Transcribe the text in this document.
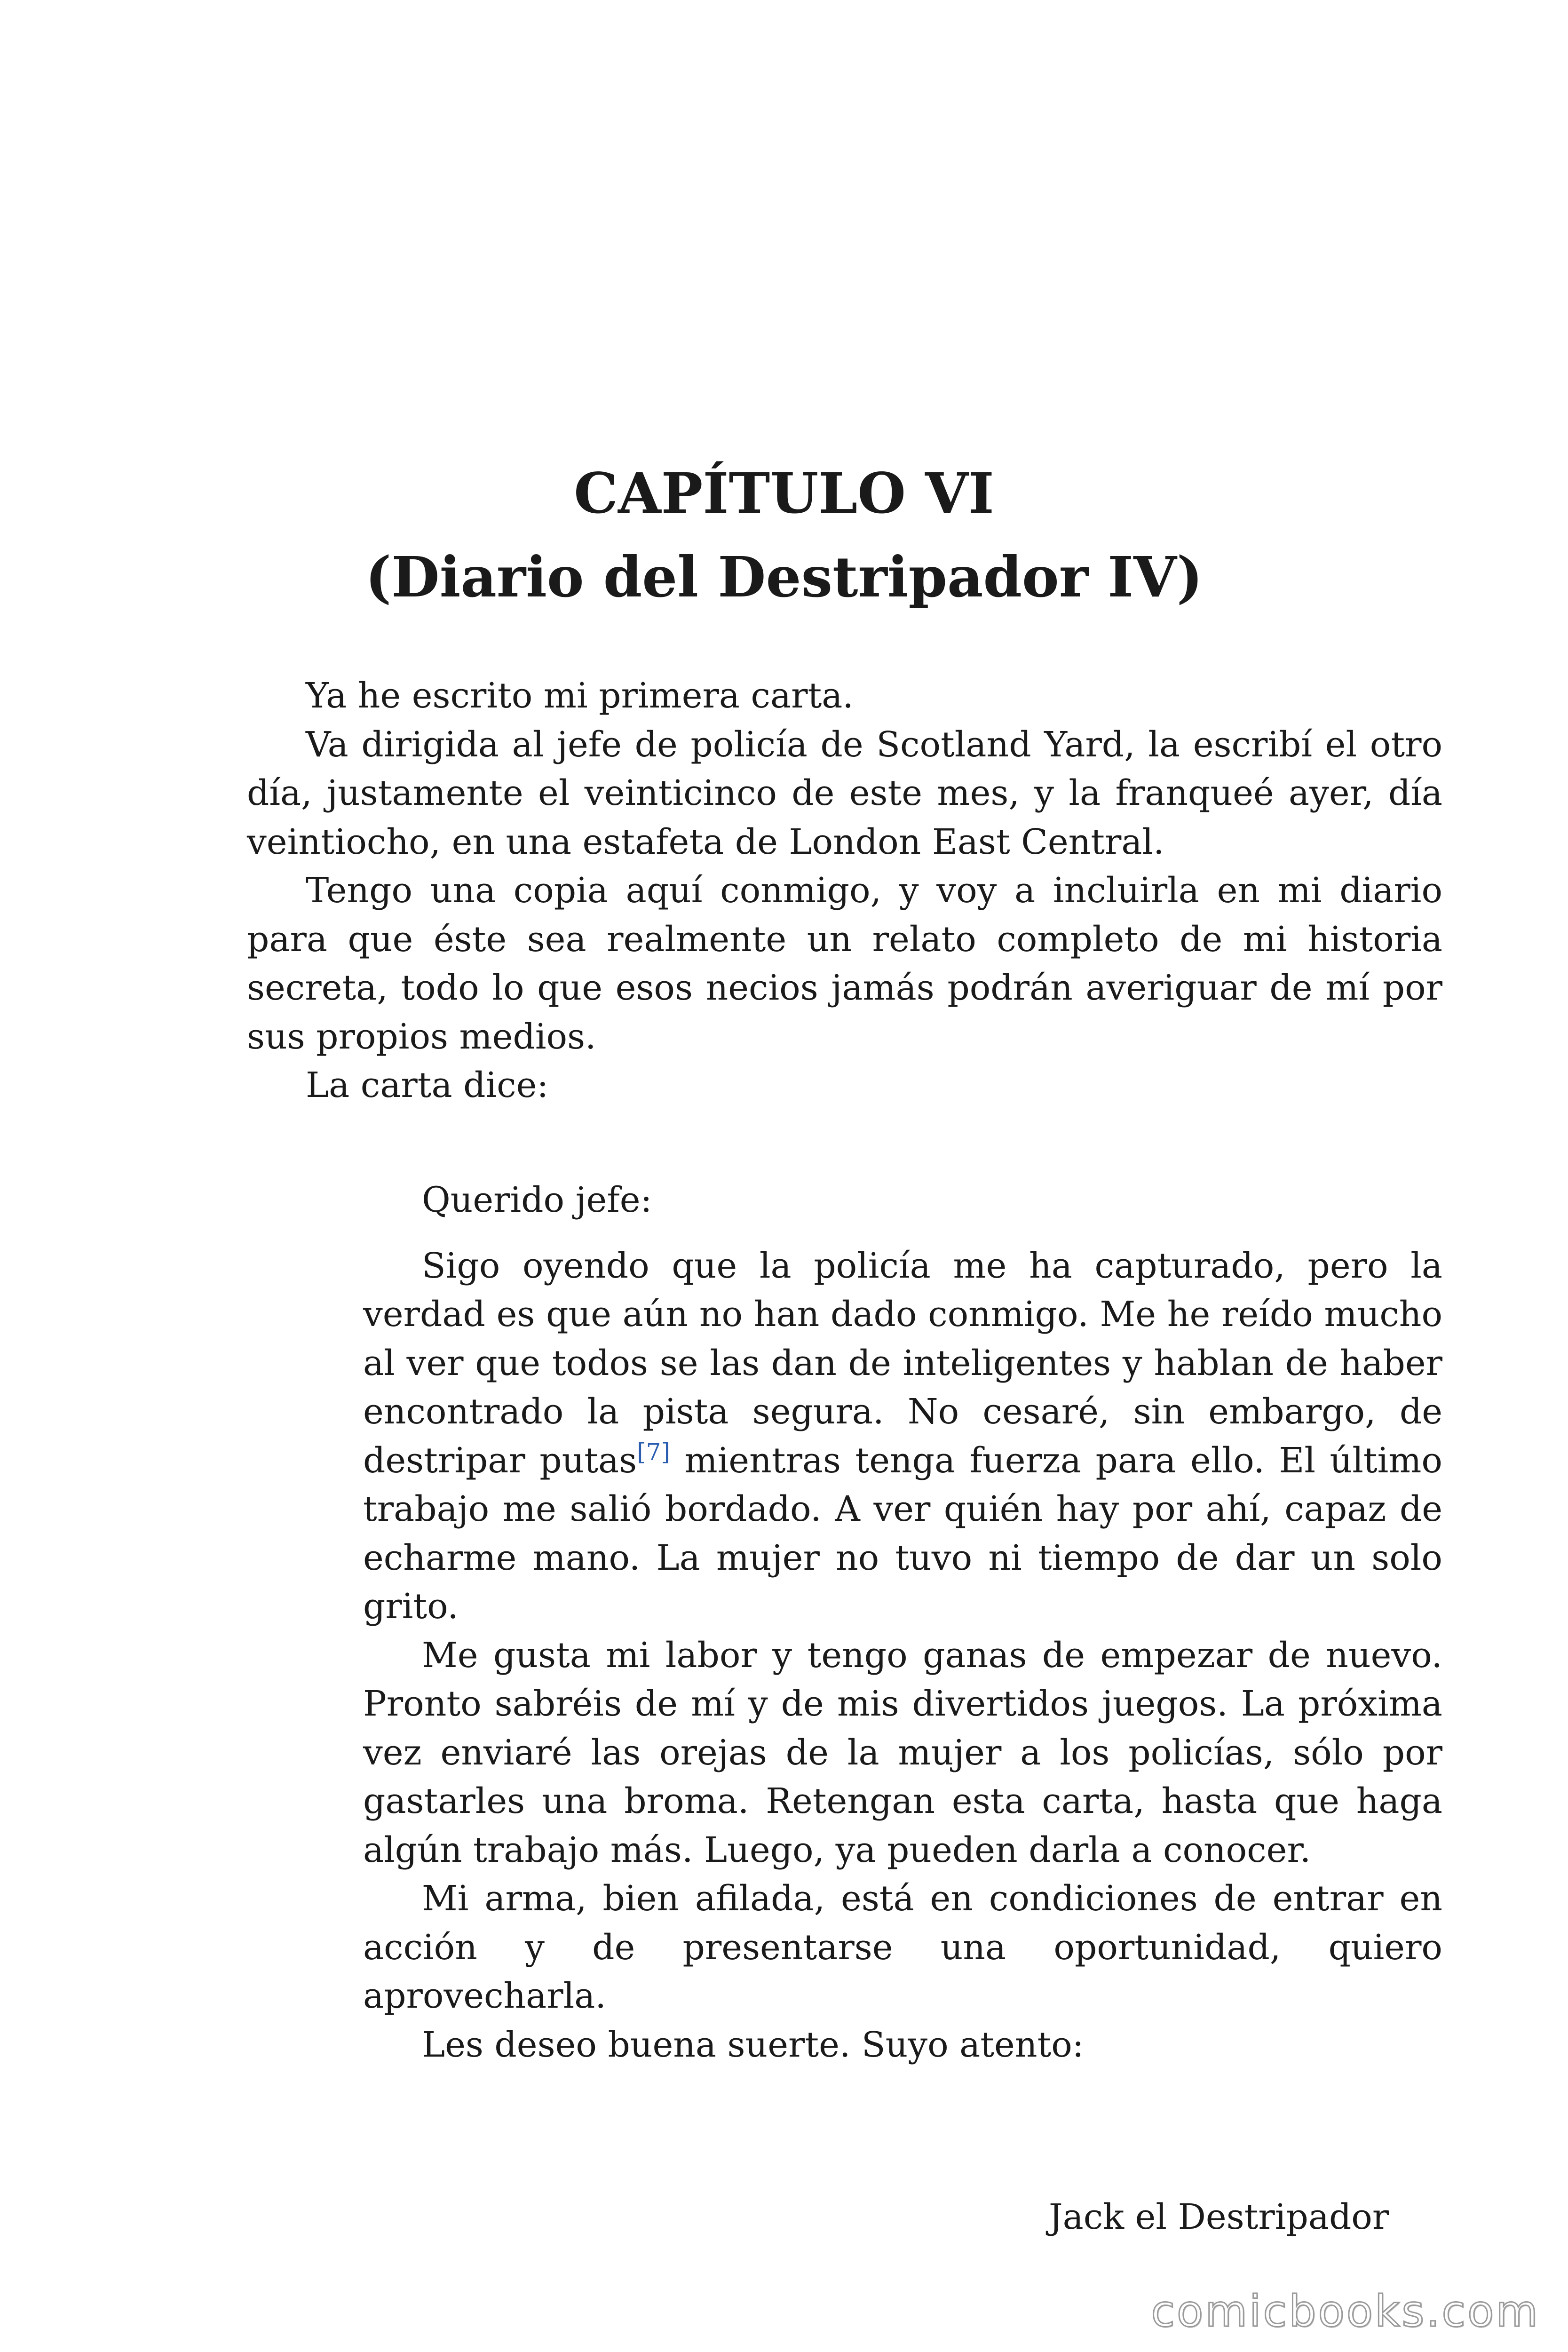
CAPÍTULO VI
(Diario del Destripador IV)

Ya he escrito mi primera carta.

Va dirigida al jefe de policía de Scotland Yard, la escribí el otro día, justamente el veinticinco de este mes, y la franqueé ayer, día veintiocho, en una estafeta de London East Central.

Tengo una copia aquí conmigo, y voy a incluirla en mi diario para que éste sea realmente un relato completo de mi historia secreta, todo lo que esos necios jamás podrán averiguar de mí por sus propios medios.

La carta dice:

Querido jefe:

Sigo oyendo que la policía me ha capturado, pero la verdad es que aún no han dado conmigo. Me he reído mucho al ver que todos se las dan de inteligentes y hablan de haber encontrado la pista segura. No cesaré, sin embargo, de destripar putas[7] mientras tenga fuerza para ello. El último trabajo me salió bordado. A ver quién hay por ahí, capaz de echarme mano. La mujer no tuvo ni tiempo de dar un solo grito.

Me gusta mi labor y tengo ganas de empezar de nuevo. Pronto sabréis de mí y de mis divertidos juegos. La próxima vez enviaré las orejas de la mujer a los policías, sólo por gastarles una broma. Retengan esta carta, hasta que haga algún trabajo más. Luego, ya pueden darla a conocer.

Mi arma, bien afilada, está en condiciones de entrar en acción y de presentarse una oportunidad, quiero aprovecharla.

Les deseo buena suerte. Suyo atento:

Jack el Destripador
comicbooks.com
